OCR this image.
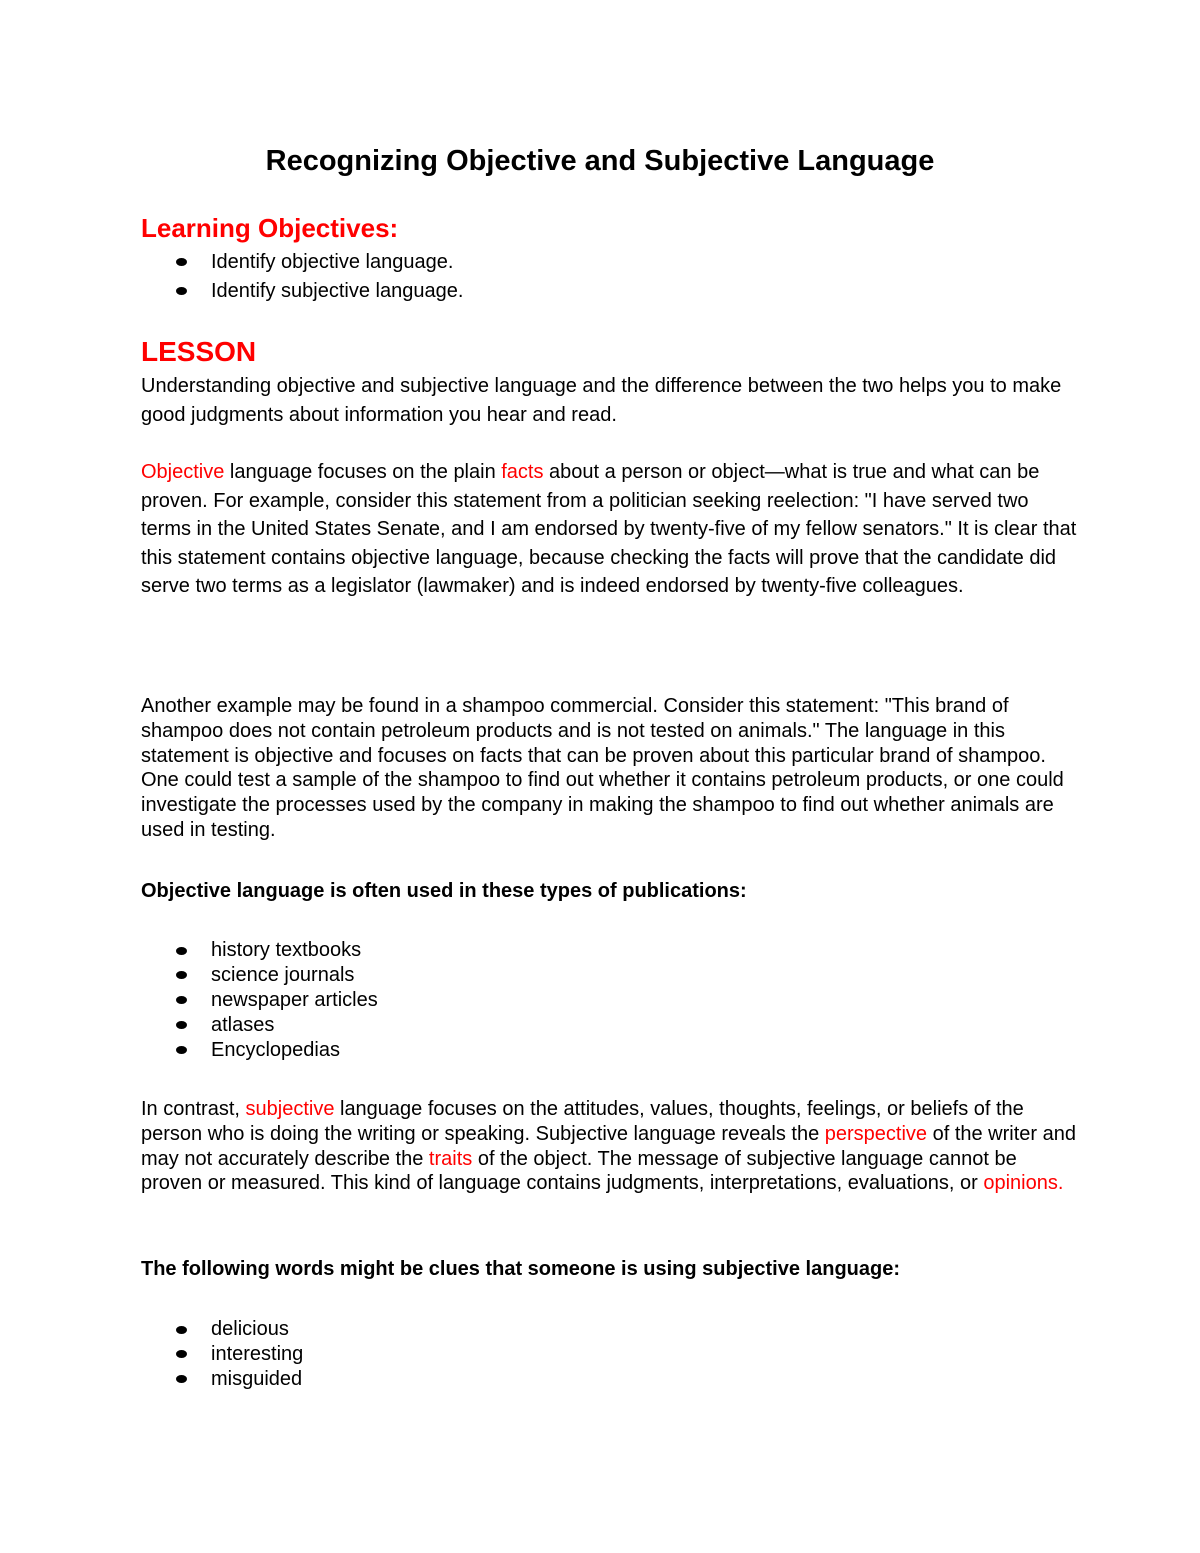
Recognizing Objective and Subjective Language
Learning Objectives:
Identify objective language.
Identify subjective language.
LESSON

Understanding objective and subjective language and the difference between the two helps you to make good judgments about information you hear and read.

Objective language focuses on the plain facts about a person or object—what is true and what can be proven. For example, consider this statement from a politician seeking reelection: "I have served two terms in the United States Senate, and I am endorsed by twenty-five of my fellow senators." It is clear that this statement contains objective language, because checking the facts will prove that the candidate did serve two terms as a legislator (lawmaker) and is indeed endorsed by twenty-five colleagues.

Another example may be found in a shampoo commercial. Consider this statement: "This brand of shampoo does not contain petroleum products and is not tested on animals." The language in this statement is objective and focuses on facts that can be proven about this particular brand of shampoo. One could test a sample of the shampoo to find out whether it contains petroleum products, or one could investigate the processes used by the company in making the shampoo to find out whether animals are used in testing.

Objective language is often used in these types of publications:

history textbooks
science journals
newspaper articles
atlases
Encyclopedias

In contrast, subjective language focuses on the attitudes, values, thoughts, feelings, or beliefs of the person who is doing the writing or speaking. Subjective language reveals the perspective of the writer and may not accurately describe the traits of the object. The message of subjective language cannot be proven or measured. This kind of language contains judgments, interpretations, evaluations, or opinions.

The following words might be clues that someone is using subjective language:

delicious
interesting
misguided
